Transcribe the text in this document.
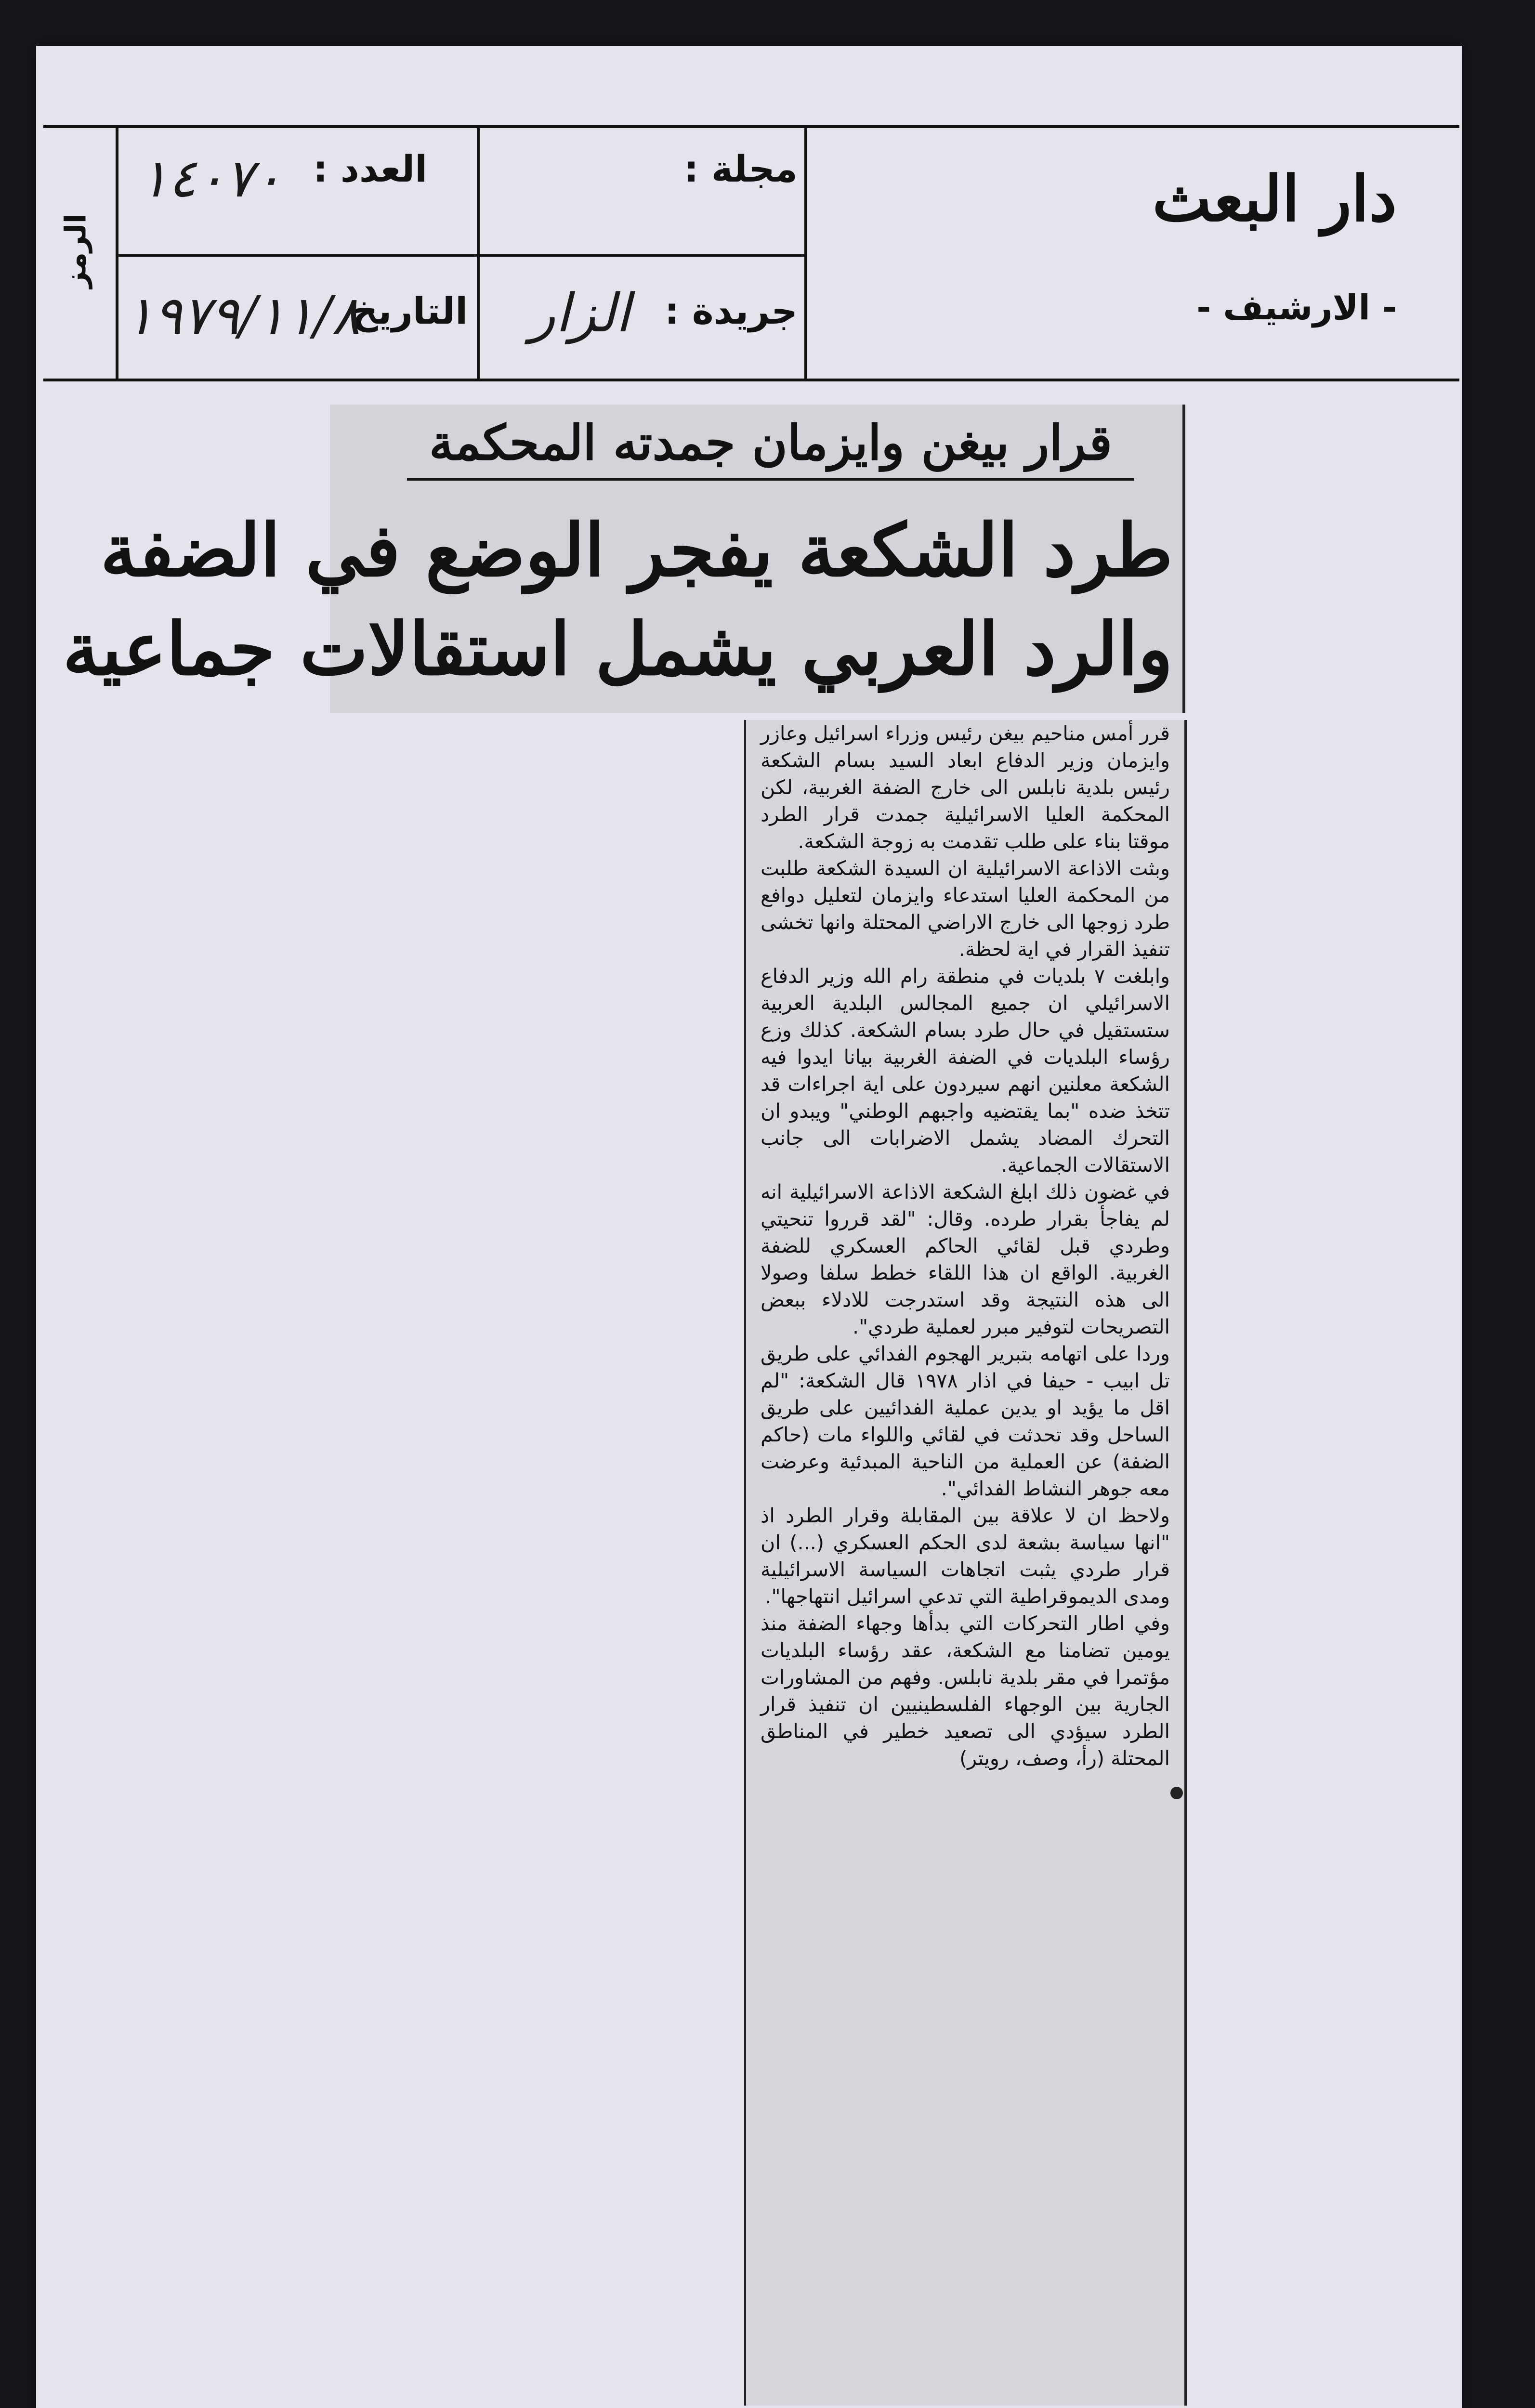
الرمز
العدد :
١٤٠٧٠
التاريخ
١٩٧٩/١١/٨
مجلة :
جريدة :
الزار
دار البعث
- الارشيف -
قرار بيغن وايزمان جمدته المحكمة
طرد الشكعة يفجر الوضع في الضفة
والرد العربي يشمل استقالات جماعية

قرر أمس مناحيم بيغن رئيس وزراء اسرائيل وعازر وايزمان وزير الدفاع ابعاد السيد بسام الشكعة رئيس بلدية نابلس الى خارج الضفة الغربية، لكن المحكمة العليا الاسرائيلية جمدت قرار الطرد موقتا بناء على طلب تقدمت به زوجة الشكعة.

وبثت الاذاعة الاسرائيلية ان السيدة الشكعة طلبت من المحكمة العليا استدعاء وايزمان لتعليل دوافع طرد زوجها الى خارج الاراضي المحتلة وانها تخشى تنفيذ القرار في اية لحظة.

وابلغت ٧ بلديات في منطقة رام الله وزير الدفاع الاسرائيلي ان جميع المجالس البلدية العربية ستستقيل في حال طرد بسام الشكعة. كذلك وزع رؤساء البلديات في الضفة الغربية بيانا ايدوا فيه الشكعة معلنين انهم سيردون على اية اجراءات قد تتخذ ضده "بما يقتضيه واجبهم الوطني" ويبدو ان التحرك المضاد يشمل الاضرابات الى جانب الاستقالات الجماعية.

في غضون ذلك ابلغ الشكعة الاذاعة الاسرائيلية انه لم يفاجأ بقرار طرده. وقال: "لقد قرروا تنحيتي وطردي قبل لقائي الحاكم العسكري للضفة الغربية. الواقع ان هذا اللقاء خطط سلفا وصولا الى هذه النتيجة وقد استدرجت للادلاء ببعض التصريحات لتوفير مبرر لعملية طردي".

وردا على اتهامه بتبرير الهجوم الفدائي على طريق تل ابيب - حيفا في اذار ١٩٧٨ قال الشكعة: "لم اقل ما يؤيد او يدين عملية الفدائيين على طريق الساحل وقد تحدثت في لقائي واللواء مات (حاكم الضفة) عن العملية من الناحية المبدئية وعرضت معه جوهر النشاط الفدائي".

ولاحظ ان لا علاقة بين المقابلة وقرار الطرد اذ "انها سياسة بشعة لدى الحكم العسكري (...) ان قرار طردي يثبت اتجاهات السياسة الاسرائيلية ومدى الديموقراطية التي تدعي اسرائيل انتهاجها".

وفي اطار التحركات التي بدأها وجهاء الضفة منذ يومين تضامنا مع الشكعة، عقد رؤساء البلديات مؤتمرا في مقر بلدية نابلس. وفهم من المشاورات الجارية بين الوجهاء الفلسطينيين ان تنفيذ قرار الطرد سيؤدي الى تصعيد خطير في المناطق المحتلة (رأ، وصف، رويتر)
